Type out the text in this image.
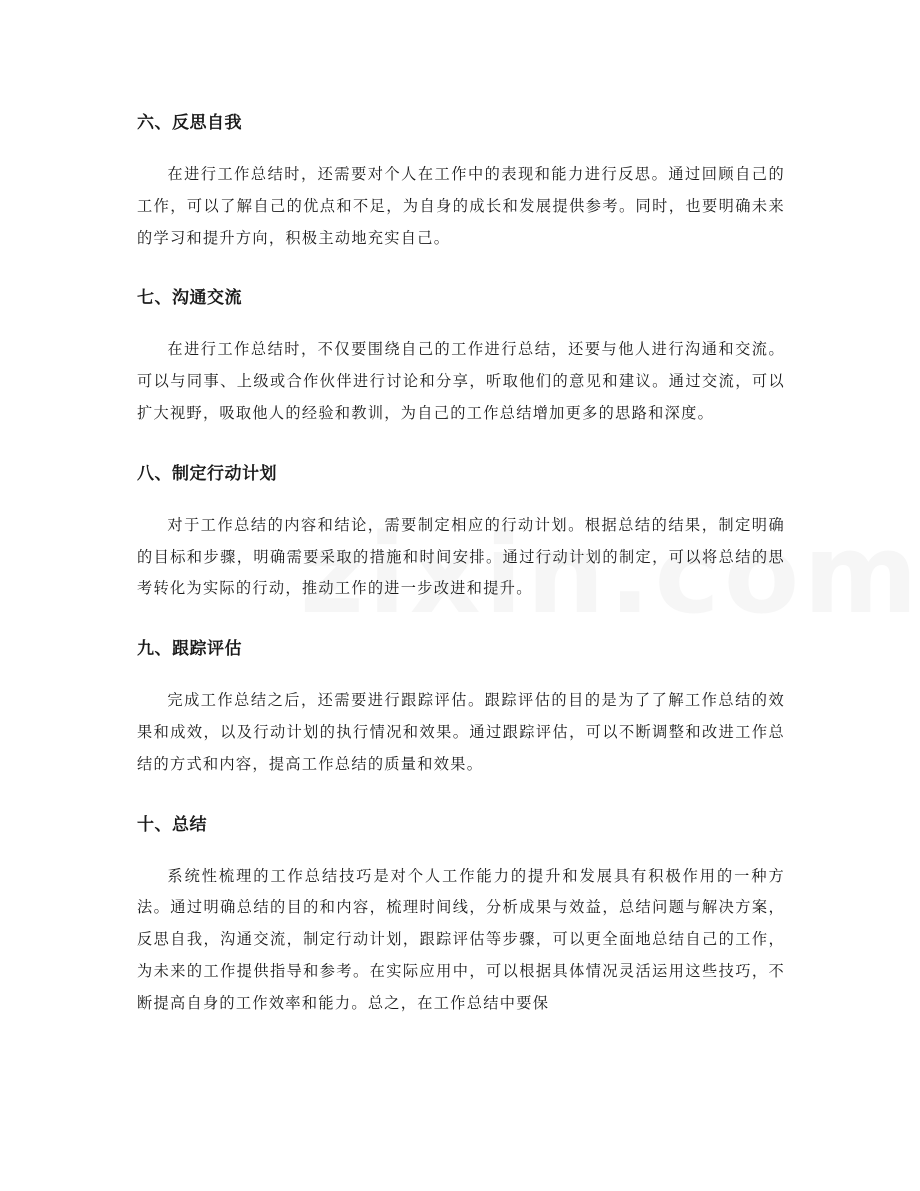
六、反思自我

在进行工作总结时，还需要对个人在工作中的表现和能力进行反思。通过回顾自己的工作，可以了解自己的优点和不足，为自身的成长和发展提供参考。同时，也要明确未来的学习和提升方向，积极主动地充实自己。

七、沟通交流

在进行工作总结时，不仅要围绕自己的工作进行总结，还要与他人进行沟通和交流。可以与同事、上级或合作伙伴进行讨论和分享，听取他们的意见和建议。通过交流，可以扩大视野，吸取他人的经验和教训，为自己的工作总结增加更多的思路和深度。

八、制定行动计划

对于工作总结的内容和结论，需要制定相应的行动计划。根据总结的结果，制定明确的目标和步骤，明确需要采取的措施和时间安排。通过行动计划的制定，可以将总结的思考转化为实际的行动，推动工作的进一步改进和提升。

九、跟踪评估

完成工作总结之后，还需要进行跟踪评估。跟踪评估的目的是为了了解工作总结的效果和成效，以及行动计划的执行情况和效果。通过跟踪评估，可以不断调整和改进工作总结的方式和内容，提高工作总结的质量和效果。

十、总结

系统性梳理的工作总结技巧是对个人工作能力的提升和发展具有积极作用的一种方法。通过明确总结的目的和内容，梳理时间线，分析成果与效益，总结问题与解决方案，反思自我，沟通交流，制定行动计划，跟踪评估等步骤，可以更全面地总结自己的工作，为未来的工作提供指导和参考。在实际应用中，可以根据具体情况灵活运用这些技巧，不断提高自身的工作效率和能力。总之，在工作总结中要保
